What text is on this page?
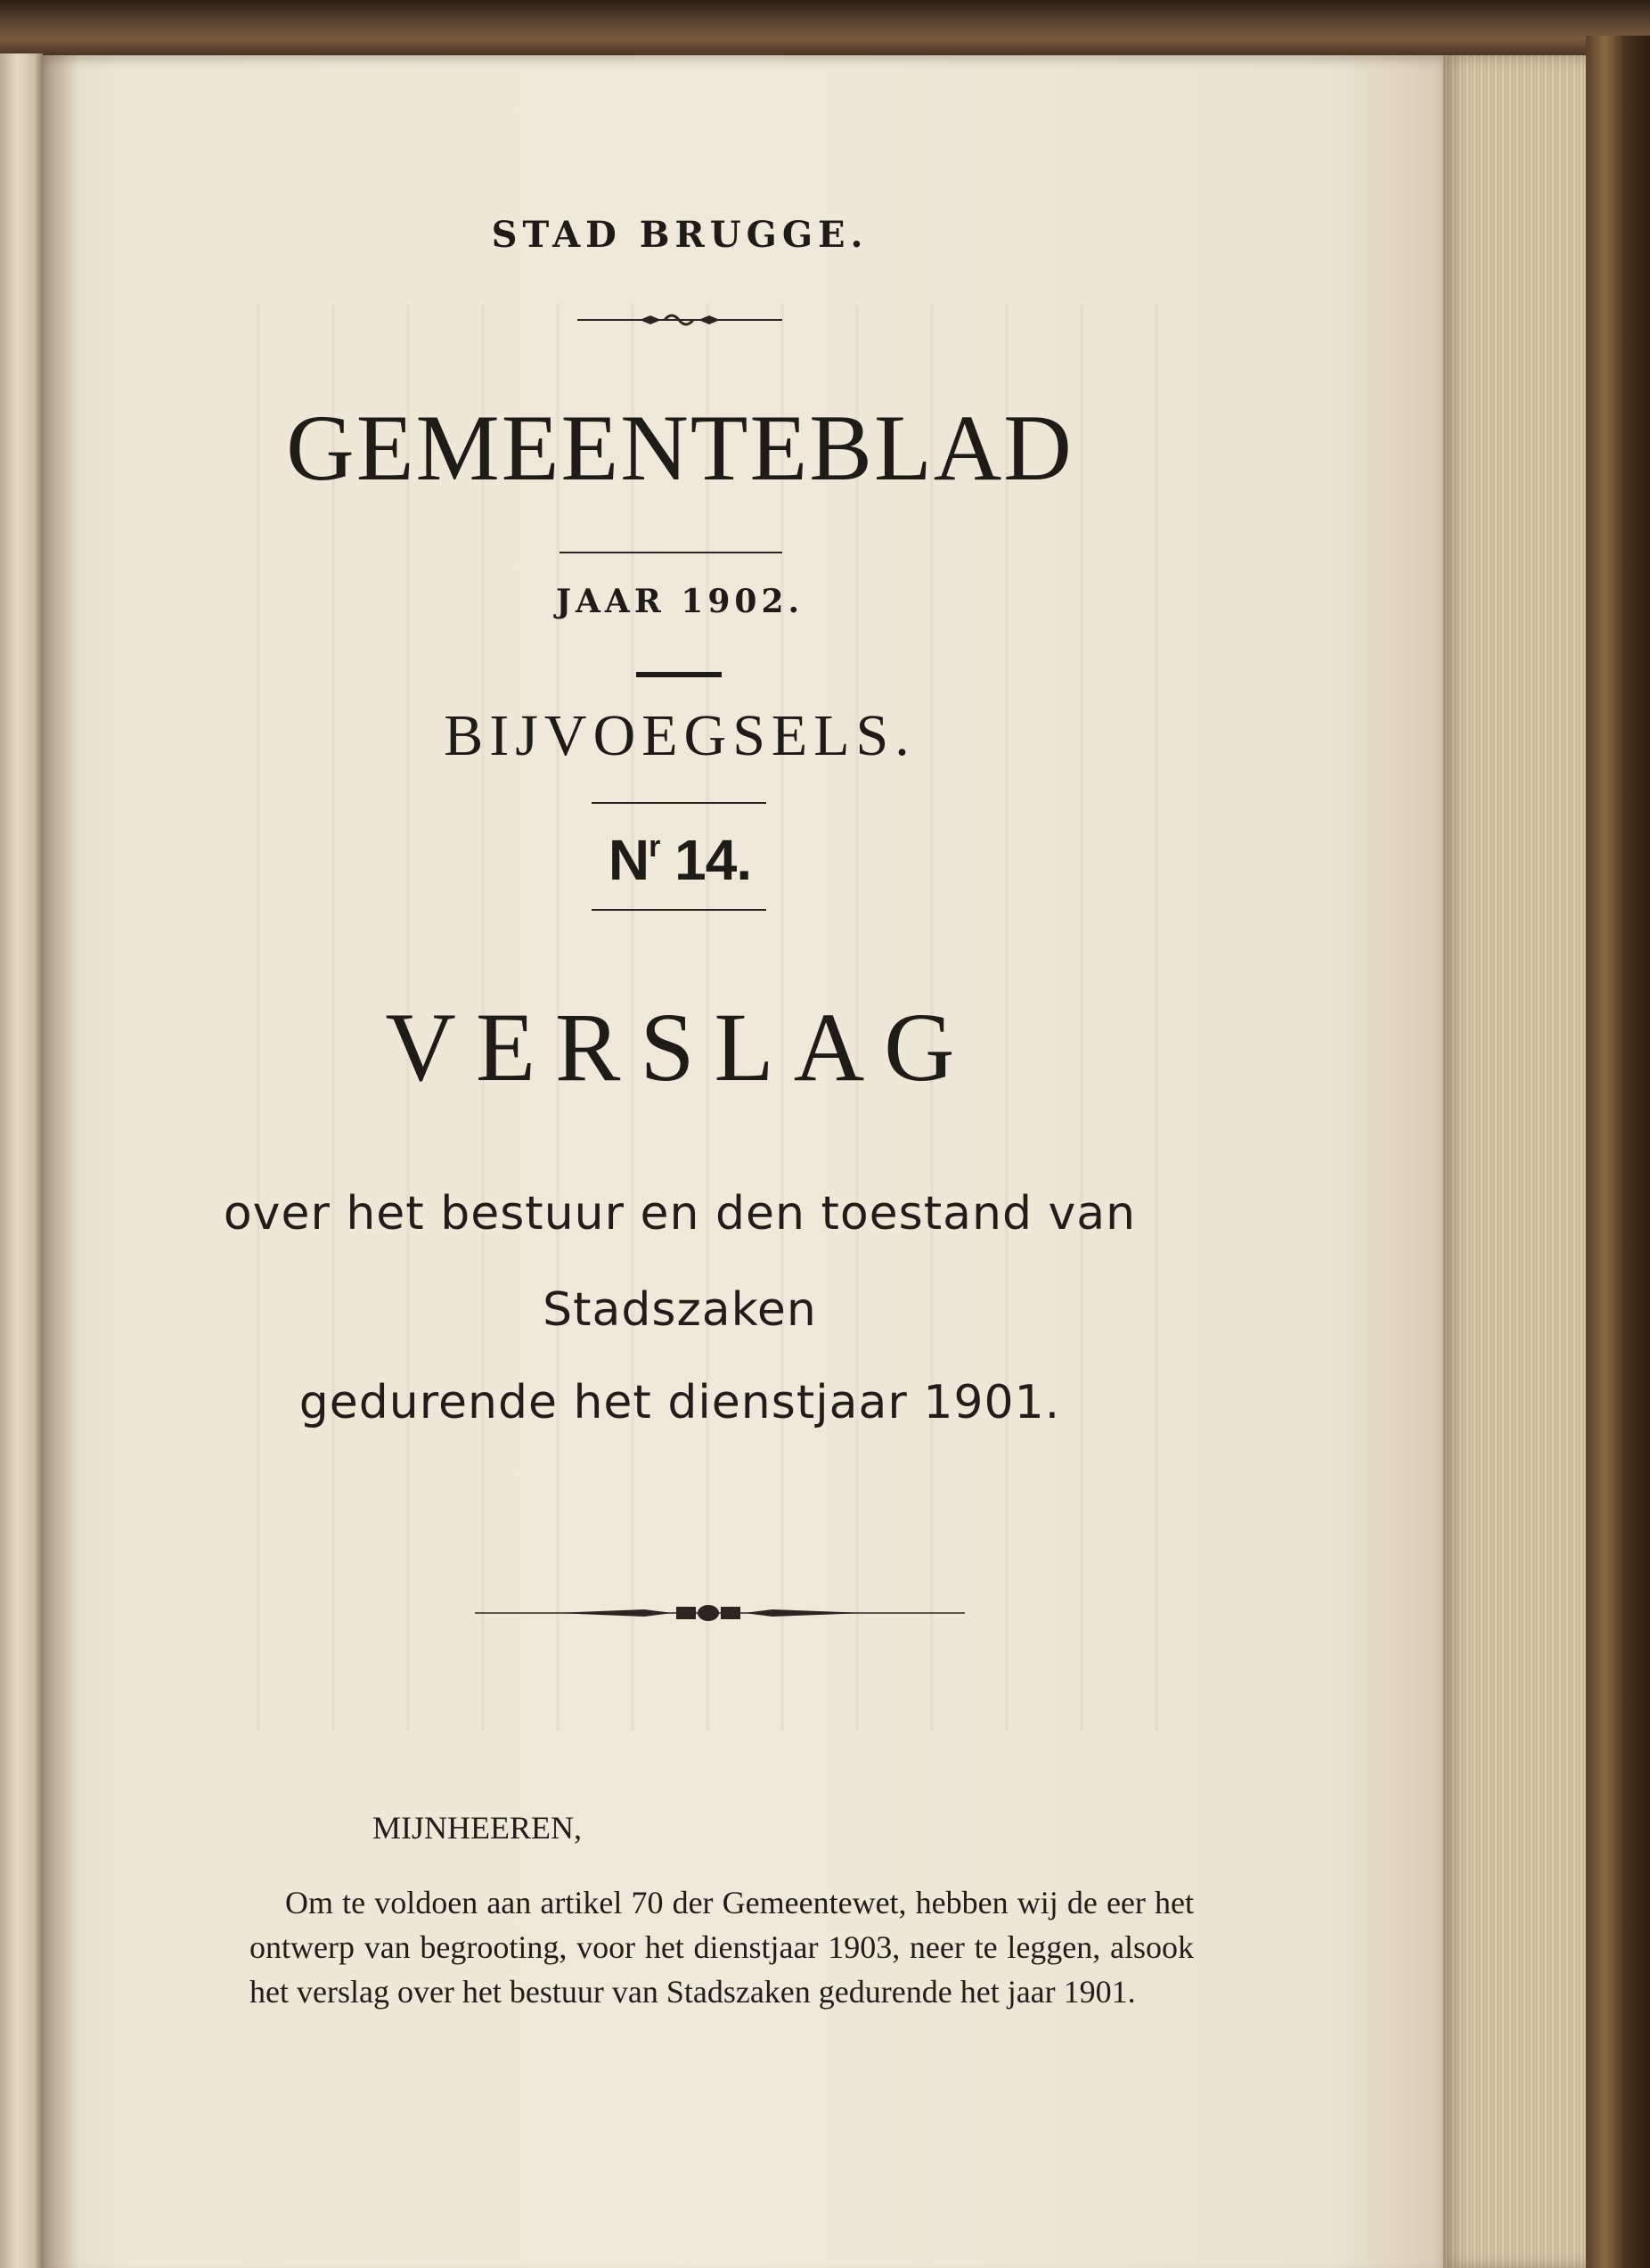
STAD BRUGGE.
GEMEENTEBLAD
JAAR 1902.
BIJVOEGSELS.
$N^r$ 14.
VERSLAG
over het bestuur en den toestand van
Stadszaken
gedurende het dienstjaar 1901.
MIJNHEEREN,
Om te voldoen aan artikel 70 der Gemeentewet, hebben wij de eer het ontwerp van begrooting, voor het dienstjaar 1903, neer te leggen, alsook het verslag over het bestuur van Stadszaken gedurende het jaar 1901.
